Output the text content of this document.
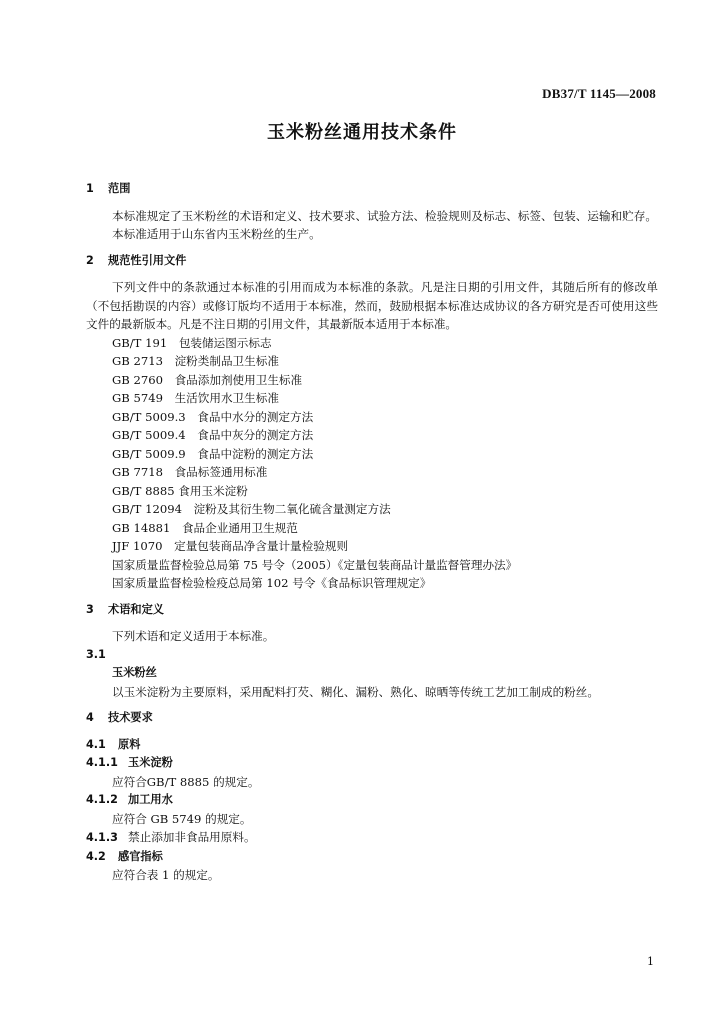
DB37/T 1145—2008
玉米粉丝通用技术条件
1 范围
本标准规定了玉米粉丝的术语和定义、技术要求、试验方法、检验规则及标志、标签、包装、运输和贮存。
本标准适用于山东省内玉米粉丝的生产。
2 规范性引用文件
下列文件中的条款通过本标准的引用而成为本标准的条款。凡是注日期的引用文件，其随后所有的修改单（不包括勘误的内容）或修订版均不适用于本标准，然而，鼓励根据本标准达成协议的各方研究是否可使用这些文件的最新版本。凡是不注日期的引用文件，其最新版本适用于本标准。
GB/T 191　包装储运图示标志
GB 2713　淀粉类制品卫生标准
GB 2760　食品添加剂使用卫生标准
GB 5749　生活饮用水卫生标准
GB/T 5009.3　食品中水分的测定方法
GB/T 5009.4　食品中灰分的测定方法
GB/T 5009.9　食品中淀粉的测定方法
GB 7718　食品标签通用标准
GB/T 8885 食用玉米淀粉
GB/T 12094　淀粉及其衍生物二氧化硫含量测定方法
GB 14881　食品企业通用卫生规范
JJF 1070　定量包装商品净含量计量检验规则
国家质量监督检验总局第 75 号令（2005）《定量包装商品计量监督管理办法》
国家质量监督检验检疫总局第 102 号令《食品标识管理规定》
3 术语和定义
下列术语和定义适用于本标准。
3.1
玉米粉丝
以玉米淀粉为主要原料，采用配料打芡、糊化、漏粉、熟化、晾晒等传统工艺加工制成的粉丝。
4 技术要求
4.1 原料
4.1.1 玉米淀粉
应符合GB/T 8885 的规定。
4.1.2 加工用水
应符合 GB 5749 的规定。
4.1.3 禁止添加非食品用原料。
4.2 感官指标
应符合表 1 的规定。
1
